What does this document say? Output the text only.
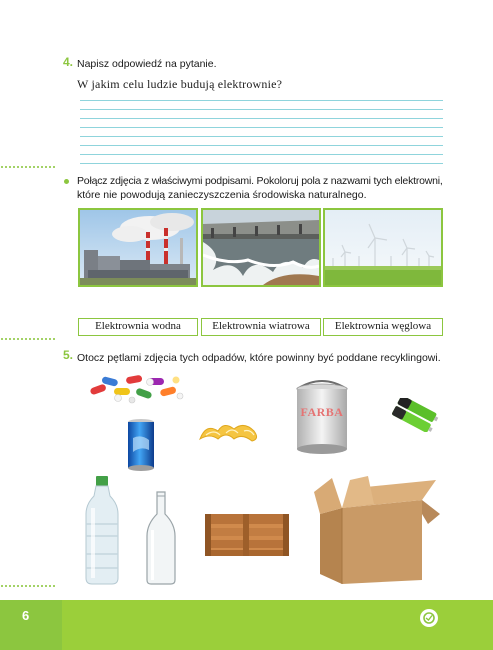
4. Napisz odpowiedź na pytanie.
W jakim celu ludzie budują elektrownie?
Połącz zdjęcia z właściwymi podpisami. Pokoloruj pola z nazwami tych elektrowni,
które nie powodują zanieczyszczenia środowiska naturalnego.
Elektrownia wodna	Elektrownia wiatrowa	Elektrownia węglowa
5. Otocz pętlami zdjęcia tych odpadów, które powinny być poddane recyklingowi.
FARBA
6
